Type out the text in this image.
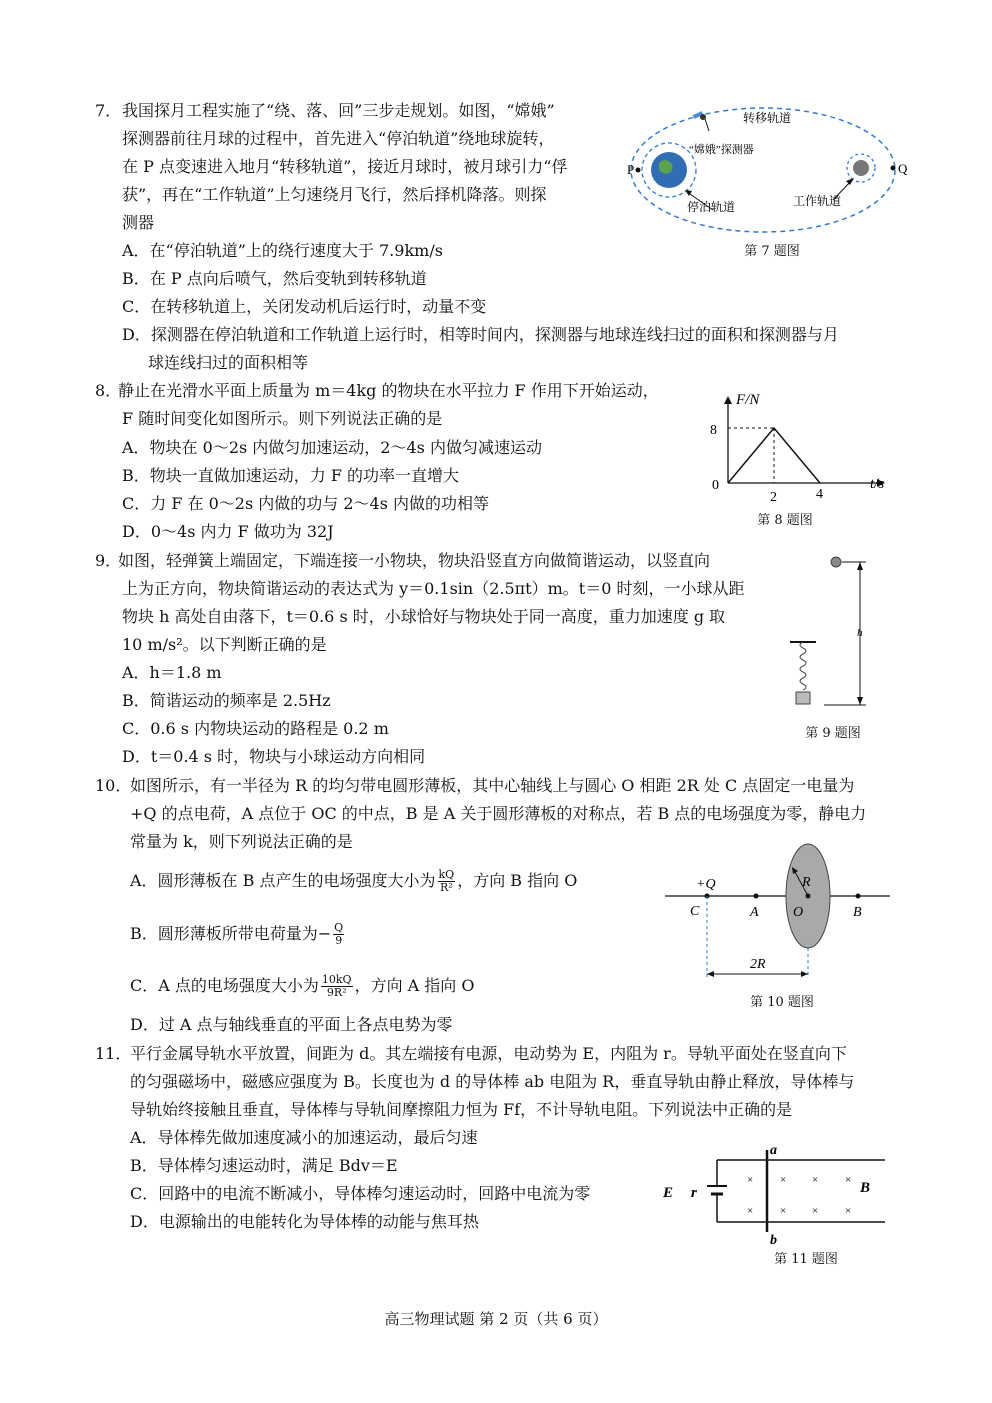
7． 我国探月工程实施了“绕、落、回”三步走规划。如图，“嫦娥”
探测器前往月球的过程中，首先进入“停泊轨道”绕地球旋转，
在 P 点变速进入地月“转移轨道”，接近月球时，被月球引力“俘
获”，再在“工作轨道”上匀速绕月飞行，然后择机降落。则探
测器
A．在“停泊轨道”上的绕行速度大于 7.9km/s
B．在 P 点向后喷气，然后变轨到转移轨道
C．在转移轨道上，关闭发动机后运行时，动量不变
D．探测器在停泊轨道和工作轨道上运行时，相等时间内，探测器与地球连线扫过的面积和探测器与月
球连线扫过的面积相等
转移轨道
“嫦娥”探测器
停泊轨道	工作轨道
P	Q
第 7 题图
8．
静止在光滑水平面上质量为 m＝4kg 的物块在水平拉力 F 作用下开始运动，
F 随时间变化如图所示。则下列说法正确的是
A．物块在 0～2s 内做匀加速运动，2～4s 内做匀减速运动
B．物块一直做加速运动，力 F 的功率一直增大
C．力 F 在 0～2s 内做的功与 2～4s 内做的功相等
D．0～4s 内力 F 做功为 32J
F/N
t/s
8
0
2	4
第 8 题图
9．
如图，轻弹簧上端固定，下端连接一小物块，物块沿竖直方向做简谐运动，以竖直向
上为正方向，物块简谐运动的表达式为 y＝0.1sin（2.5πt）m。t＝0 时刻，一小球从距
物块 h 高处自由落下，t＝0.6 s 时，小球恰好与物块处于同一高度，重力加速度 g 取
10 m/s²。以下判断正确的是
A．h＝1.8 m
B．简谐运动的频率是 2.5Hz
C．0.6 s 内物块运动的路程是 0.2 m
D．t＝0.4 s 时，物块与小球运动方向相同
h
第 9 题图
10．
如图所示，有一半径为 R 的均匀带电圆形薄板，其中心轴线上与圆心 O 相距 2R 处 C 点固定一电量为
+Q 的点电荷，A 点位于 OC 的中点，B 是 A 关于圆形薄板的对称点，若 B 点的电场强度为零，静电力
常量为 k，则下列说法正确的是
A．圆形薄板在 B 点产生的电场强度大小为 $\frac{kQ}{\text{R²}}$ ，方向 B 指向 O
B．圆形薄板所带电荷量为− $\frac{Q}{9}$
C．A 点的电场强度大小为 $\frac{10kQ}{\text{9R²}}$ ，方向 A 指向 O
D．过 A 点与轴线垂直的平面上各点电势为零
+Q
C	A O	B
R
2R
第 10 题图
11．
平行金属导轨水平放置，间距为 d。其左端接有电源，电动势为 E，内阻为 r。导轨平面处在竖直向下
的匀强磁场中，磁感应强度为 B。长度也为 d 的导体棒 ab 电阻为 R，垂直导轨由静止释放，导体棒与
导轨始终接触且垂直，导体棒与导轨间摩擦阻力恒为 Ff，不计导轨电阻。下列说法中正确的是
A．导体棒先做加速度减小的加速运动，最后匀速
B．导体棒匀速运动时，满足 Bdv＝E
C．回路中的电流不断减小，导体棒匀速运动时，回路中电流为零
D．电源输出的电能转化为导体棒的动能与焦耳热
E r
a
b
B
× × × ×
× × × ×
第 11 题图
高三物理试题 第 2 页（共 6 页）
